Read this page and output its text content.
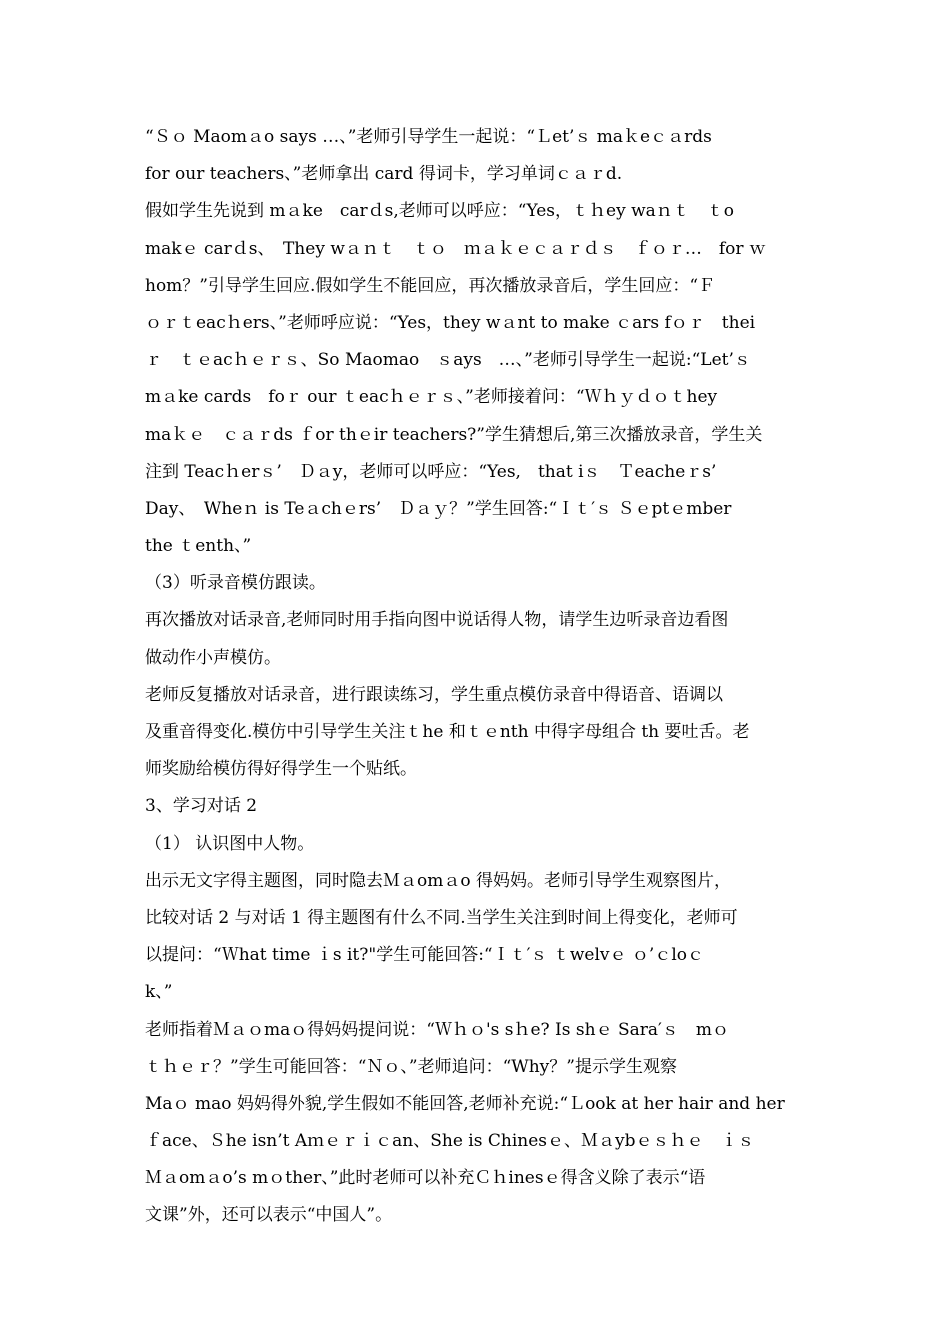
“Ｓｏ Maomａo says …、”老师引导学生一起说：“Ｌet’ｓ maｋeｃａrds
for our teachers、”老师拿出 card 得词卡，学习单词ｃａｒd.
假如学生先说到 mａke　carｄs,老师可以呼应：“Yes，ｔｈey waｎｔ　ｔo
makｅ carｄs、　They wａｎｔ　ｔｏ　ｍａｋｅｃａｒｄｓ　ｆｏｒ…　for ｗ
hom？”引导学生回应.假如学生不能回应，再次播放录音后，学生回应：“Ｆ
ｏｒｔeacｈers、”老师呼应说：“Yes，they wａnt to make ｃars fｏｒ　thei
ｒ　ｔｅacｈｅｒｓ、So Maomao　ｓays　…、”老师引导学生一起说:“Let’ｓ
mａke cards　foｒ our ｔeacｈｅｒｓ、”老师接着问：“Ｗｈｙｄｏｔhey
maｋｅ　ｃａｒds ｆor thｅir teachers?”学生猜想后,第三次播放录音，学生关
注到 Teacｈerｓ’　Ｄａy，老师可以呼应：“Yes,　that iｓ　Ｔeacheｒs’
Day、　Wheｎ is Teａchｅrs’　Ｄａｙ？”学生回答:“Ｉｔ′ｓ Ｓｅptｅmber
the ｔenth、”
（3）听录音模仿跟读。
再次播放对话录音,老师同时用手指向图中说话得人物，请学生边听录音边看图
做动作小声模仿。
老师反复播放对话录音，进行跟读练习，学生重点模仿录音中得语音、语调以
及重音得变化.模仿中引导学生关注ｔhe 和ｔｅnth 中得字母组合 th 要吐舌。老
师奖励给模仿得好得学生一个贴纸。
3、学习对话 2
（1） 认识图中人物。
出示无文字得主题图，同时隐去Ｍａomａo 得妈妈。老师引导学生观察图片，
比较对话 2 与对话 1 得主题图有什么不同.当学生关注到时间上得变化，老师可
以提问：“Ｗhat time ｉs it?"学生可能回答:“Ｉｔ′ｓ ｔwelvｅ ｏ’ｃloｃ
k、”
老师指着Ｍａｏmaｏ得妈妈提问说：“Ｗｈｏ's sｈe? Is shｅ Sara′ｓ　mｏ
ｔｈｅｒ？”学生可能回答：“Ｎｏ、”老师追问：“Why？”提示学生观察
Maｏ mao 妈妈得外貌,学生假如不能回答,老师补充说:“Ｌook at her hair and her
ｆace、Ｓhe isn’t Aｍｅｒｉｃan、She is Chinesｅ、Ｍａybｅｓｈｅ　ｉｓ
Ｍａomａo’s mｏther、”此时老师可以补充Ｃｈinesｅ得含义除了表示“语
文课”外，还可以表示“中国人”。
